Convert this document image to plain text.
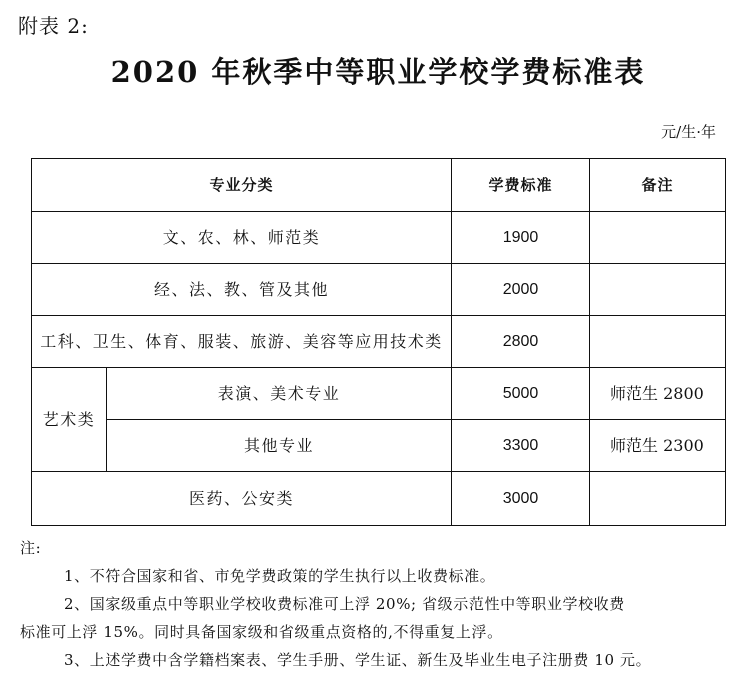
附表 2:
2020 年秋季中等职业学校学费标准表
元/生·年
专业分类		学费标准	备注
文、农、林、师范类		1900	
经、法、教、管及其他		2000	
工科、卫生、体育、服装、旅游、美容等应用技术类		2800	
艺术类	表演、美术专业	5000	师范生 2800
	其他专业	3300	师范生 2300
医药、公安类		3000	

注:

1、不符合国家和省、市免学费政策的学生执行以上收费标准。

2、国家级重点中等职业学校收费标准可上浮 20%; 省级示范性中等职业学校收费

标准可上浮 15%。同时具备国家级和省级重点资格的,不得重复上浮。

3、上述学费中含学籍档案表、学生手册、学生证、新生及毕业生电子注册费 10 元。
